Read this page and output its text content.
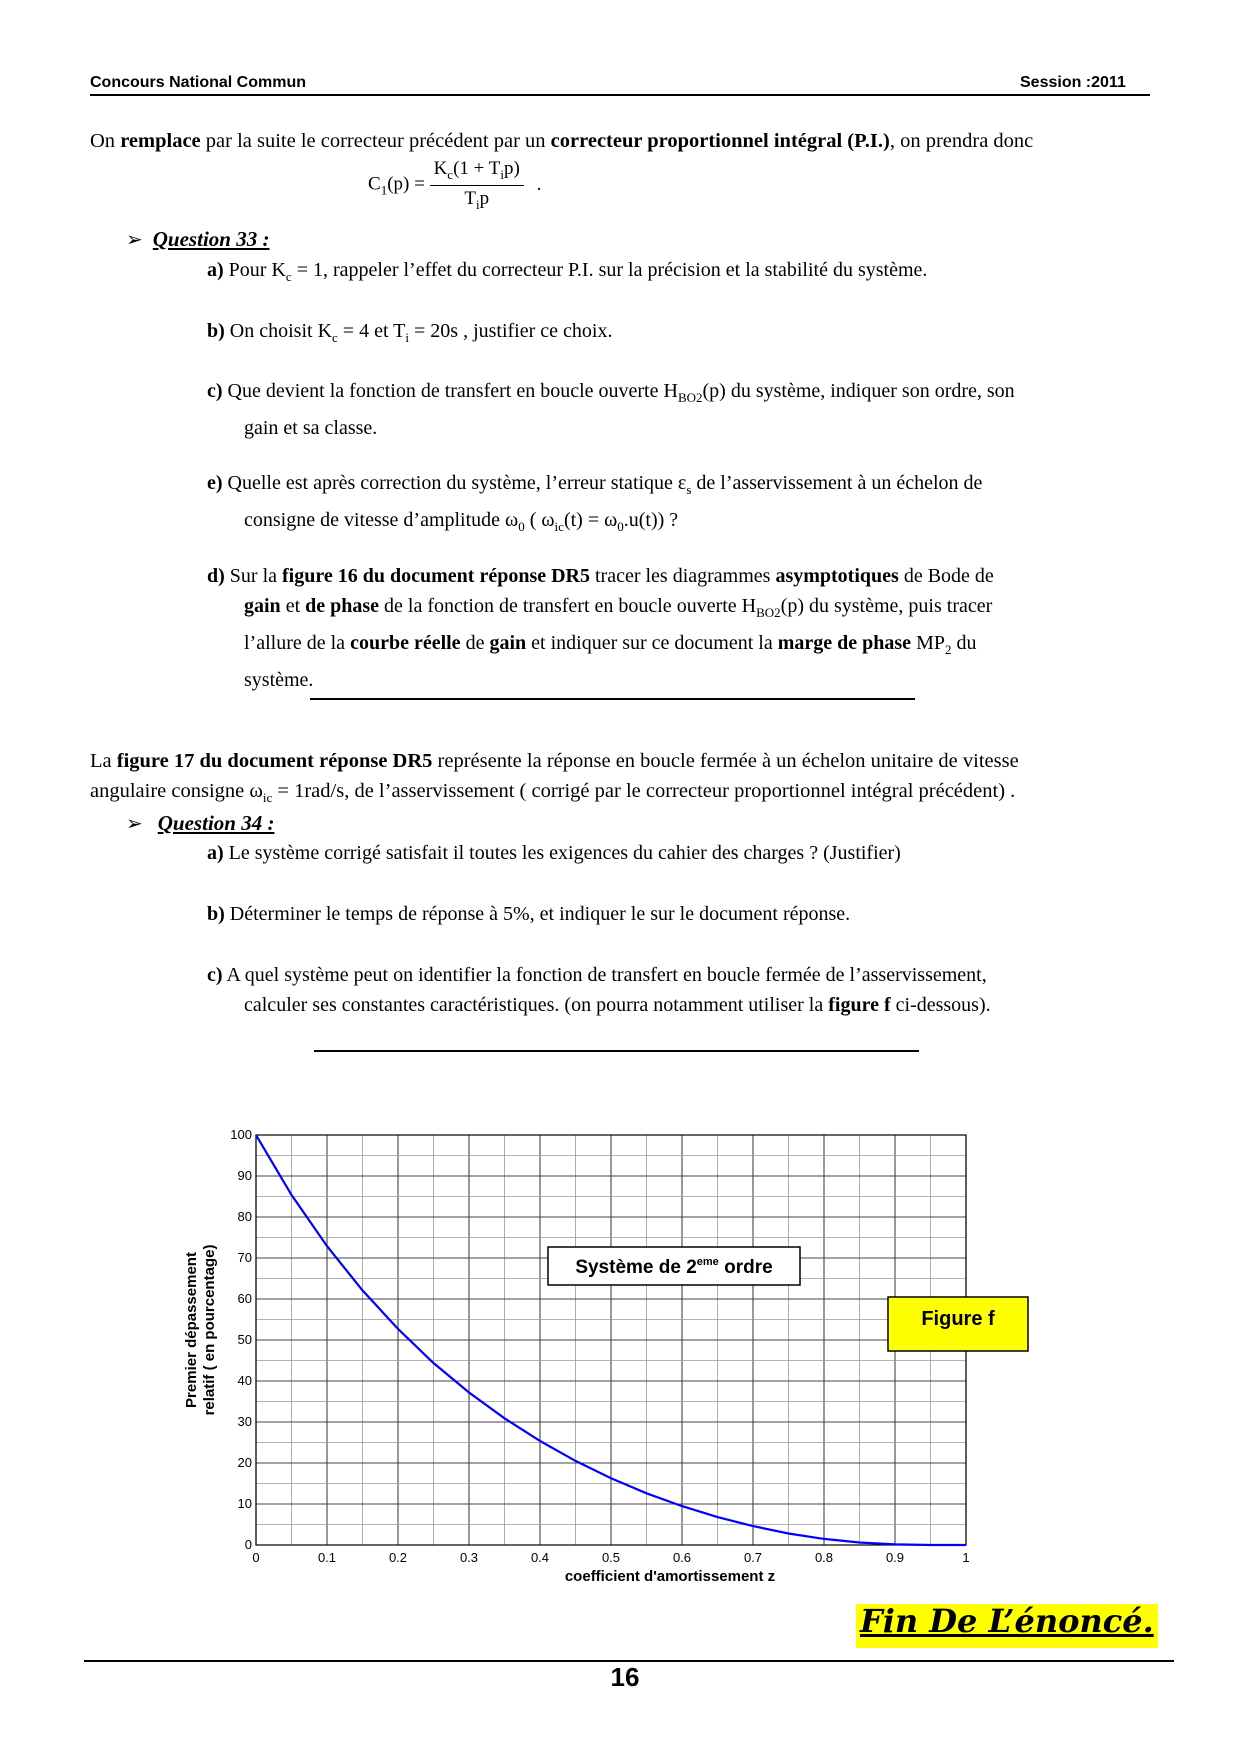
Concours National Commun	Session :2011
On remplace par la suite le correcteur précédent par un correcteur proportionnel intégral (P.I.), on prendra donc
$C_1(p) = \frac{K_c(1 + T_ip)}{T_ip}$ .
➢ Question 33 :
a) Pour $K_c = 1$, rappeler l’effet du correcteur P.I. sur la précision et la stabilité du système.
b) On choisit $K_c = 4$ et $T_i = 20s$ , justifier ce choix.
c) Que devient la fonction de transfert en boucle ouverte $H_{BO2}(p)$ du système, indiquer son ordre, son
gain et sa classe.
e) Quelle est après correction du système, l’erreur statique $\varepsilon_s$ de l’asservissement à un échelon de
consigne de vitesse d’amplitude $\omega_0$ ( $\omega_{ic}(t) = \omega_0.u(t)$) ?
d) Sur la figure 16 du document réponse DR5 tracer les diagrammes asymptotiques de Bode de
gain et de phase de la fonction de transfert en boucle ouverte $H_{BO2}(p)$ du système, puis tracer
l’allure de la courbe réelle de gain et indiquer sur ce document la marge de phase $MP_2$ du
système.
La figure 17 du document réponse DR5 représente la réponse en boucle fermée à un échelon unitaire de vitesse
angulaire consigne $\omega_{ic} = 1rad/s$, de l’asservissement ( corrigé par le correcteur proportionnel intégral précédent) .
➢ Question 34 :
a) Le système corrigé satisfait il toutes les exigences du cahier des charges ? (Justifier)
b) Déterminer le temps de réponse à 5%, et indiquer le sur le document réponse.
c) A quel système peut on identifier la fonction de transfert en boucle fermée de l’asservissement,
calculer ses constantes caractéristiques. (on pourra notamment utiliser la figure f ci-dessous).
0	0.1	0.2	0.3	0.4	0.5	0.6	0.7	0.8	0.9	1
0
10
20
30
40
50
60
70
80
90
100
Premier dépassement relatif ( en pourcentage)
coefficient d'amortissement z
Système de 2eme ordre
Figure f
Fin De L’énoncé.
16
